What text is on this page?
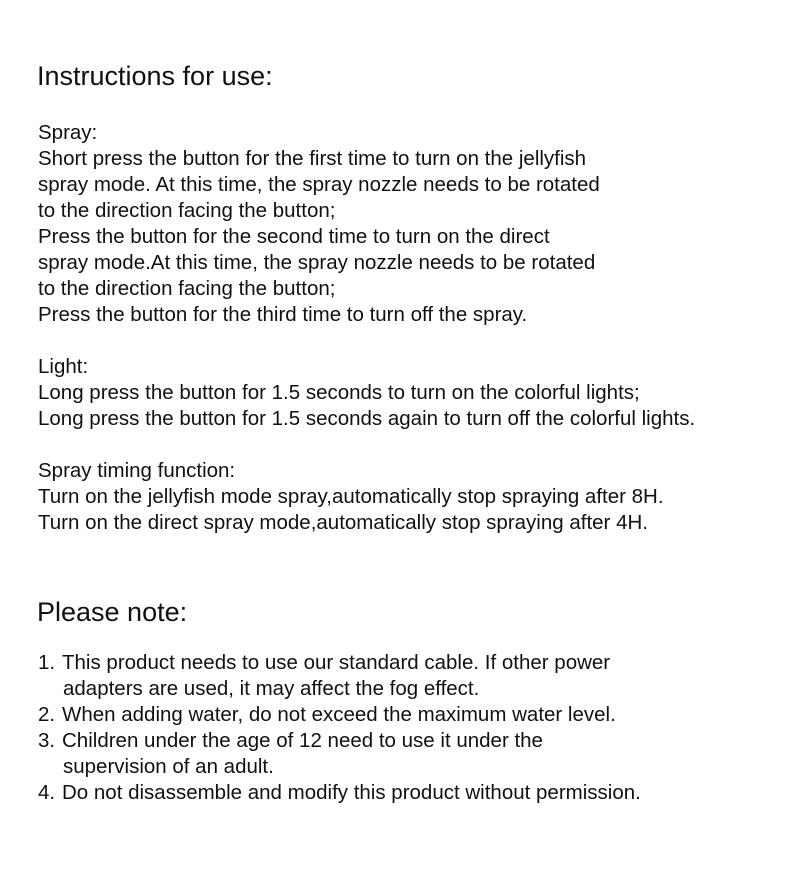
Instructions for use:
Spray:
Short press the button for the first time to turn on the jellyfish
spray mode. At this time, the spray nozzle needs to be rotated
to the direction facing the button;
Press the button for the second time to turn on the direct
spray mode.At this time, the spray nozzle needs to be rotated
to the direction facing the button;
Press the button for the third time to turn off the spray.
Light:
Long press the button for 1.5 seconds to turn on the colorful lights;
Long press the button for 1.5 seconds again to turn off the colorful lights.
Spray timing function:
Turn on the jellyfish mode spray,automatically stop spraying after 8H.
Turn on the direct spray mode,automatically stop spraying after 4H.
Please note:
1. This product needs to use our standard cable. If other power
adapters are used, it may affect the fog effect.
2. When adding water, do not exceed the maximum water level.
3. Children under the age of 12 need to use it under the
supervision of an adult.
4. Do not disassemble and modify this product without permission.
